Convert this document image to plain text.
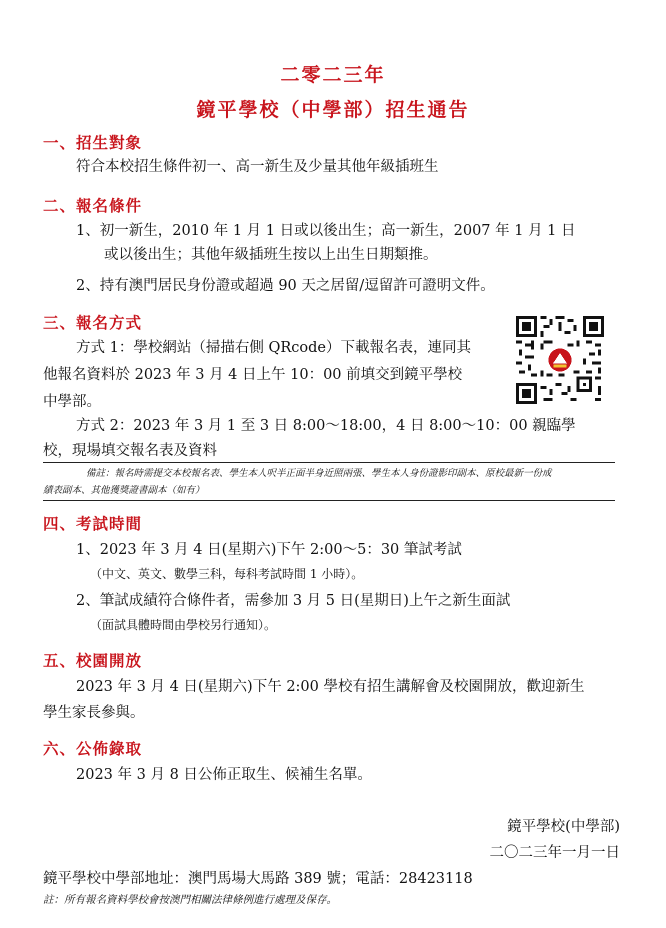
二零二三年
鏡平學校（中學部）招生通告
一、招生對象
符合本校招生條件初一、高一新生及少量其他年級插班生
二、報名條件
1、初一新生，2010 年 1 月 1 日或以後出生；高一新生，2007 年 1 月 1 日
或以後出生；其他年級插班生按以上出生日期類推。
2、持有澳門居民身份證或超過 90 天之居留/逗留許可證明文件。
三、報名方式
方式 1：學校網站（掃描右側 QRcode）下載報名表，連同其
他報名資料於 2023 年 3 月 4 日上午 10：00 前填交到鏡平學校
中學部。
方式 2：2023 年 3 月 1 至 3 日 8:00～18:00，4 日 8:00～10：00 親臨學
校，現場填交報名表及資料
備註：報名時需提交本校報名表、學生本人呎半正面半身近照兩張、學生本人身份證影印副本、原校最新一份成
績表副本、其他獲獎證書副本（如有）
四、考試時間
1、2023 年 3 月 4 日(星期六)下午 2:00～5：30 筆試考試
（中文、英文、數學三科，每科考試時間 1 小時）。
2、筆試成績符合條件者，需參加 3 月 5 日(星期日)上午之新生面試
（面試具體時間由學校另行通知）。
五、校園開放
2023 年 3 月 4 日(星期六)下午 2:00 學校有招生講解會及校園開放，歡迎新生
學生家長參與。
六、公佈錄取
2023 年 3 月 8 日公佈正取生、候補生名單。
鏡平學校(中學部)
二〇二三年一月一日
鏡平學校中學部地址：澳門馬場大馬路 389 號；電話：28423118
註：所有報名資料學校會按澳門相關法律條例進行處理及保存。
